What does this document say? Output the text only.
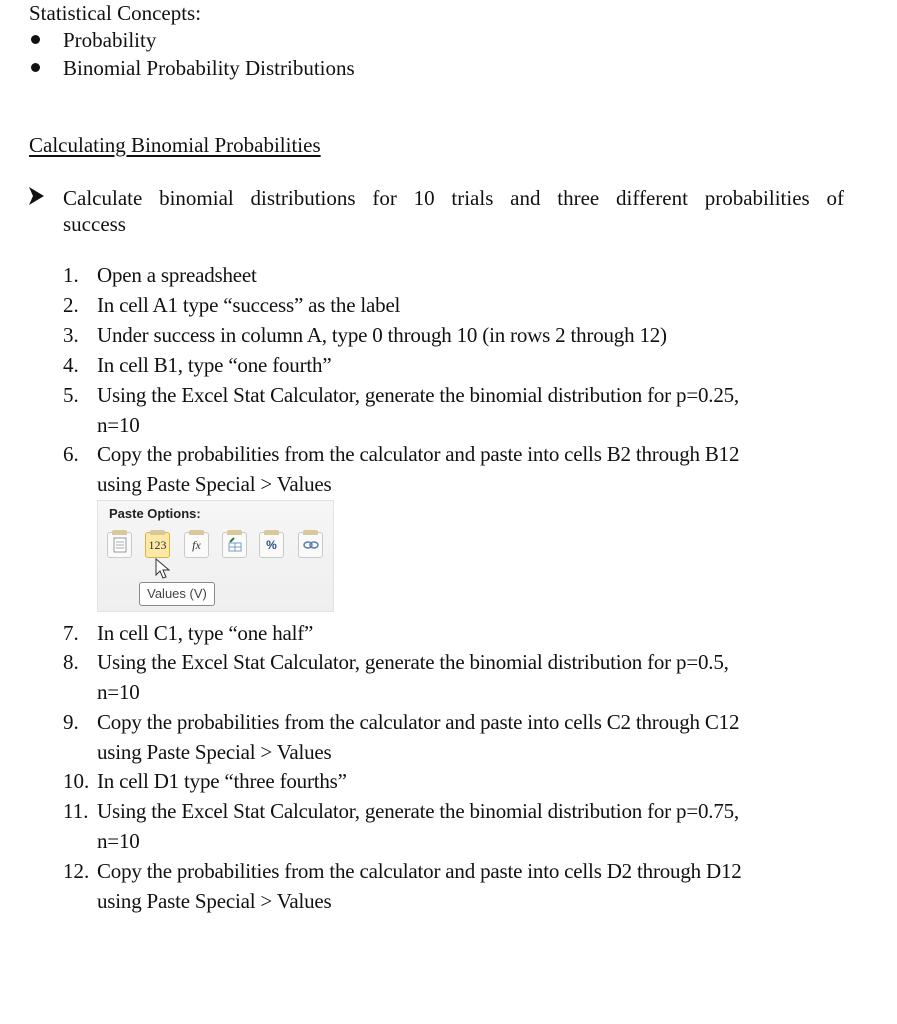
Statistical Concepts:
Probability
Binomial Probability Distributions
Calculating Binomial Probabilities
Calculate binomial distributions for 10 trials and three different probabilities of
success
1. Open a spreadsheet
2. In cell A1 type “success” as the label
3. Under success in column A, type 0 through 10 (in rows 2 through 12)
4. In cell B1, type “one fourth”
5. Using the Excel Stat Calculator, generate the binomial distribution for p=0.25,
n=10
6. Copy the probabilities from the calculator and paste into cells B2 through B12
using Paste Special > Values
Paste Options:
123	fx	%
Values (V)
7. In cell C1, type “one half”
8. Using the Excel Stat Calculator, generate the binomial distribution for p=0.5,
n=10
9. Copy the probabilities from the calculator and paste into cells C2 through C12
using Paste Special > Values
10. In cell D1 type “three fourths”
11. Using the Excel Stat Calculator, generate the binomial distribution for p=0.75,
n=10
12. Copy the probabilities from the calculator and paste into cells D2 through D12
using Paste Special > Values
